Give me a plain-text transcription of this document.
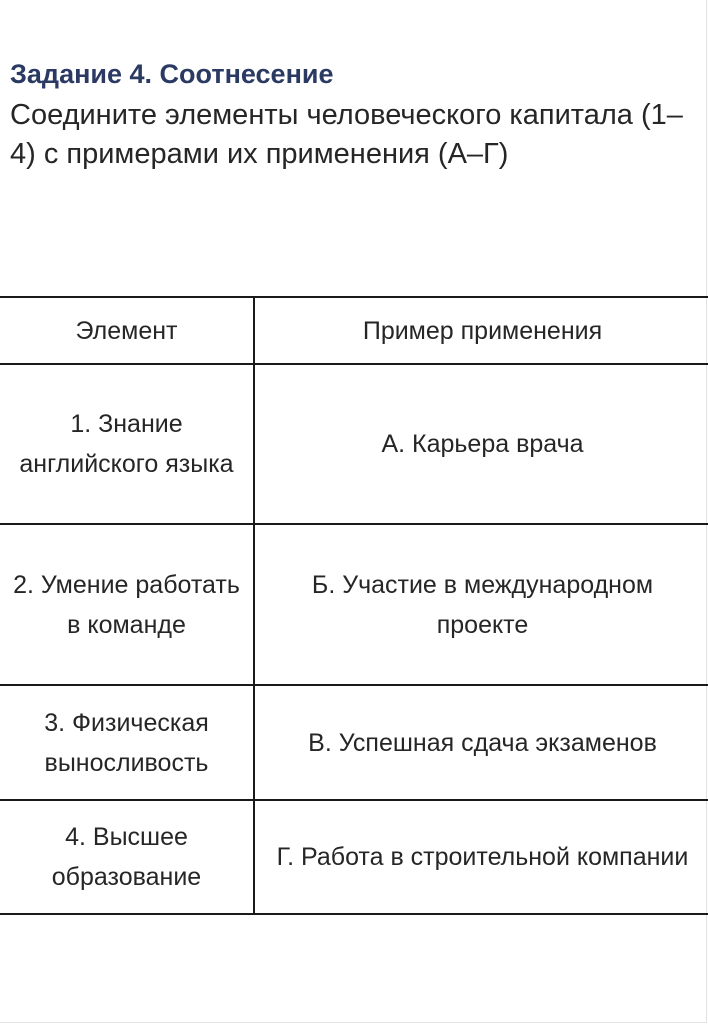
Задание 4. Соотнесение

Соедините элементы человеческого капитала (1–4) с примерами их применения (А–Г)

Элемент	Пример применения
1. Знание английского языка	А. Карьера врача
2. Умение работать в команде	Б. Участие в международном проекте
3. Физическая выносливость	В. Успешная сдача экзаменов
4. Высшее образование	Г. Работа в строительной компании
